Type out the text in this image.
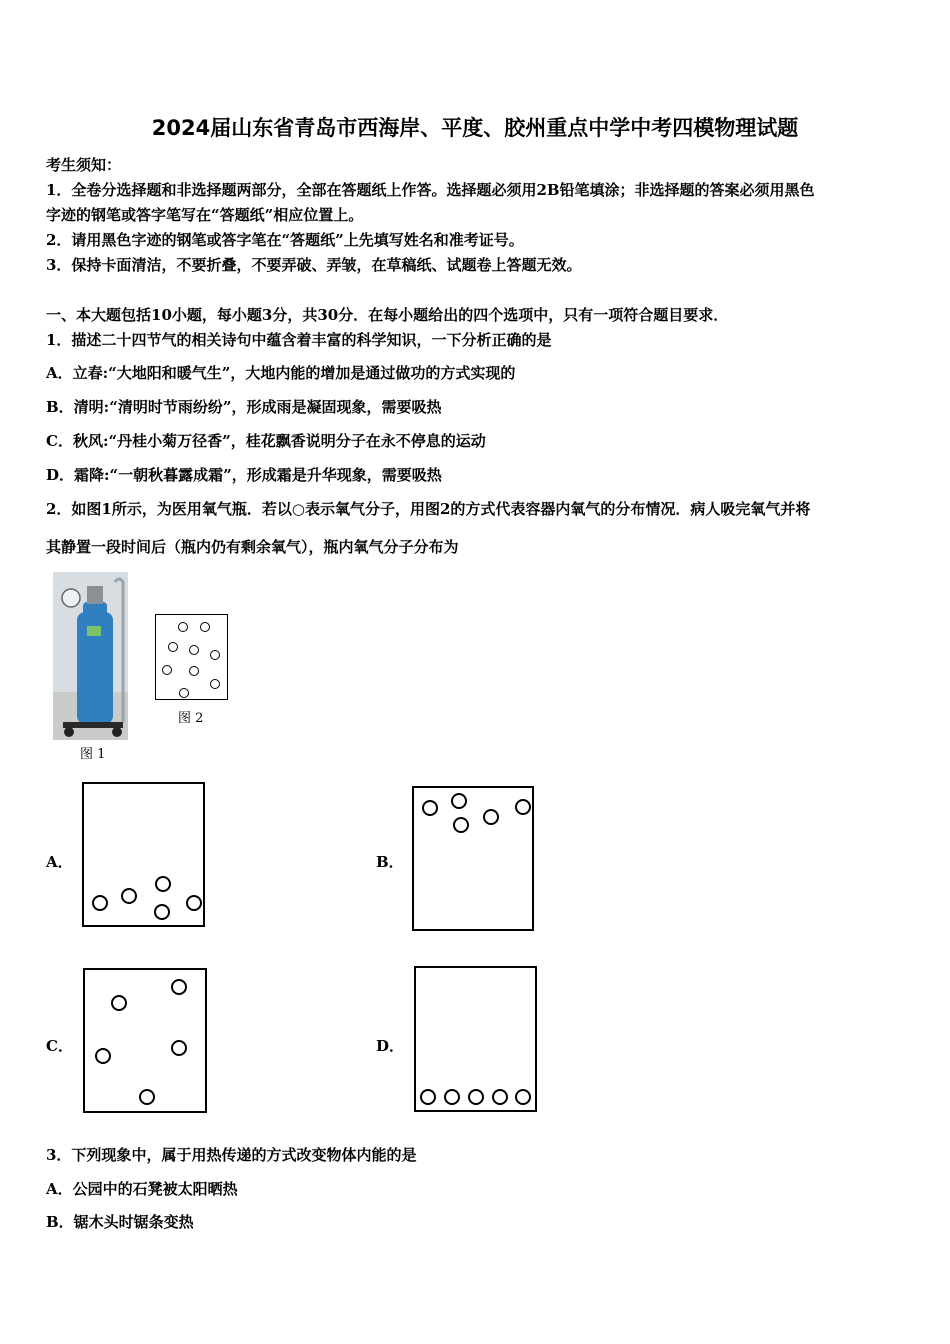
2024届山东省青岛市西海岸、平度、胶州重点中学中考四模物理试题
考生须知：
1．全卷分选择题和非选择题两部分，全部在答题纸上作答。选择题必须用2B铅笔填涂；非选择题的答案必须用黑色
字迹的钢笔或答字笔写在“答题纸”相应位置上。
2．请用黑色字迹的钢笔或答字笔在“答题纸”上先填写姓名和准考证号。
3．保持卡面清洁，不要折叠，不要弄破、弄皱，在草稿纸、试题卷上答题无效。
一、本大题包括10小题，每小题3分，共30分．在每小题给出的四个选项中，只有一项符合题目要求．
1．描述二十四节气的相关诗句中蕴含着丰富的科学知识，一下分析正确的是
A．立春:“大地阳和暖气生”，大地内能的增加是通过做功的方式实现的
B．清明:“清明时节雨纷纷”，形成雨是凝固现象，需要吸热
C．秋风:“丹桂小菊万径香”，桂花飘香说明分子在永不停息的运动
D．霜降:“一朝秋暮露成霜”，形成霜是升华现象，需要吸热
2．如图1所示，为医用氧气瓶．若以○表示氧气分子，用图2的方式代表容器内氧气的分布情况．病人吸完氧气并将
其静置一段时间后（瓶内仍有剩余氧气），瓶内氧气分子分布为
图 1
图 2
A．	B．
C．	D．
3．下列现象中，属于用热传递的方式改变物体内能的是
A．公园中的石凳被太阳晒热
B．锯木头时锯条变热
